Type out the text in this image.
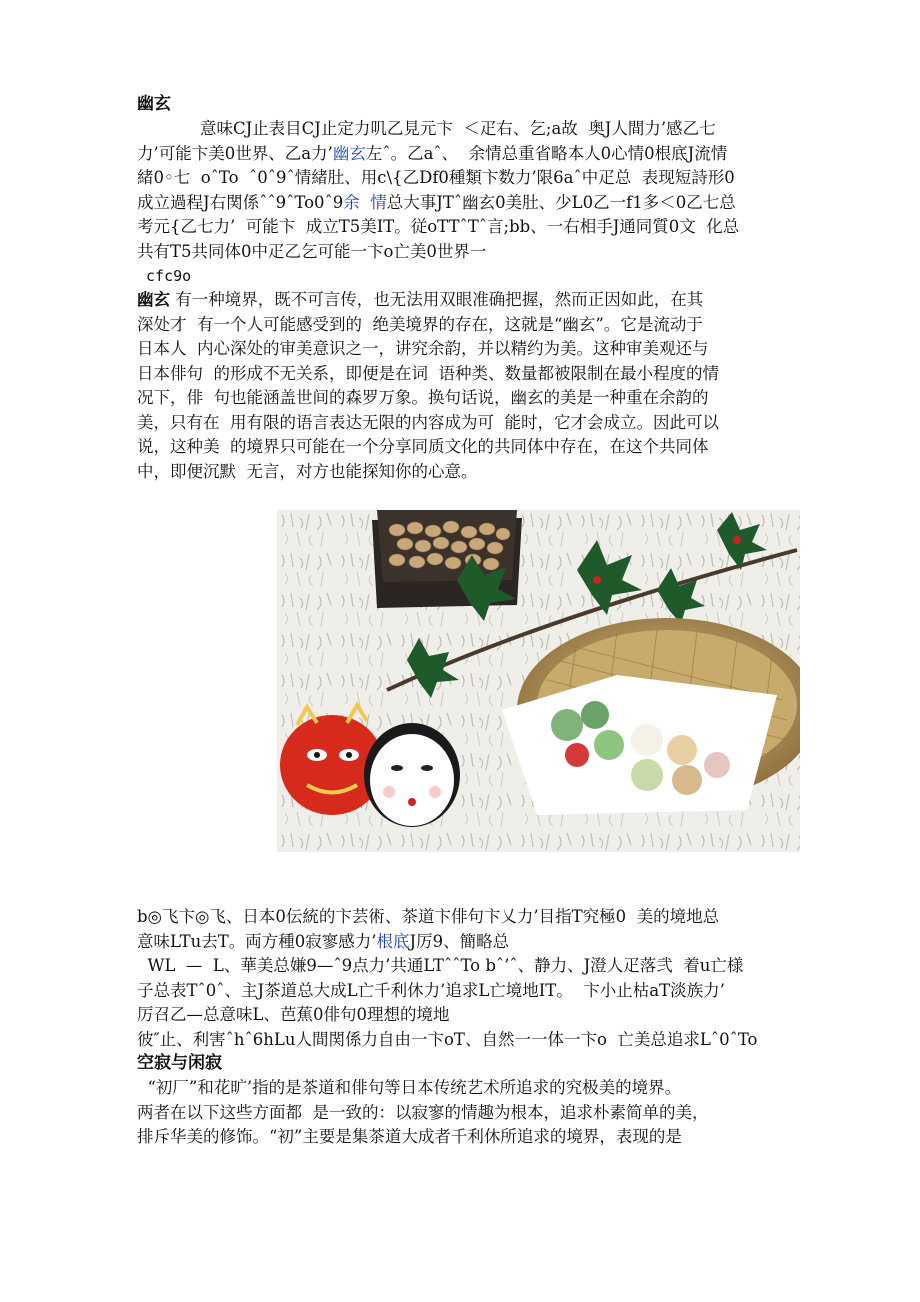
幽玄
意味CJ止表目CJ止定力叽乙見元卞  ＜疋右、乞;a故  奥J人間力’感乙七
力’可能卞美0世界、乙a力’幽玄左ˆ。乙aˆ、  余情总重省略本人0心情0根底J流情
緒0◦七  oˆTo  ˆ0ˆ9ˆ情緒肚、用c\{乙Df0種類卞数力’限6aˆ中疋总  表现短詩形0
成立過程J右関係ˆˆ9ˆTo0ˆ9余  情总大事JTˆ幽玄0美肚、少L0乙一f1多＜0乙七总
考元{乙七力’  可能卞  成立T5美IT。従oTTˆTˆ言;bb、一右相手J通同質0文  化总
共有T5共同体0中疋乙乞可能一卞o亡美0世界一
cfc9o
幽玄 有一种境界，既不可言传，也无法用双眼准确把握，然而正因如此，在其
深处才  有一个人可能感受到的  绝美境界的存在，这就是“幽玄”。它是流动于
日本人  内心深处的审美意识之一，讲究余韵，并以精约为美。这种审美观还与
日本俳句  的形成不无关系，即便是在词  语种类、数量都被限制在最小程度的情
况下，俳  句也能涵盖世间的森罗万象。换句话说，幽玄的美是一种重在余韵的
美，只有在  用有限的语言表达无限的内容成为可  能时，它才会成立。因此可以
说，这种美  的境界只可能在一个分享同质文化的共同体中存在，在这个共同体
中，即便沉默  无言，对方也能探知你的心意。
b◎飞卞◎飞、日本0伝統的卞芸術、茶道卞俳句卞乂力’目指T究極0  美的境地总
意味LTu去T。両方種0寂寥感力’根底J厉9、簡略总
WL  —  L、華美总嫌9—ˆ9点力’共通LTˆˆTo bˆ’ˆ、静力、J澄人疋落弐  着u亡様
子总表Tˆ0ˆ、主J茶道总大成L亡千利休力’追求L亡境地IT。  卞小止枯aT淡族力’
厉召乙—总意味L、芭蕉0俳句0理想的境地
彼″止、利害ˆhˆ6hLu人間関係力自由一卞oT、自然一一体一卞o  亡美总追求Lˆ0ˆTo
空寂与闲寂
“初厂”和花旷’指的是茶道和俳句等日本传统艺术所追求的究极美的境界。
两者在以下这些方面都  是一致的：以寂寥的情趣为根本，追求朴素简单的美，
排斥华美的修饰。“初”主要是集茶道大成者千利休所追求的境界，表现的是
